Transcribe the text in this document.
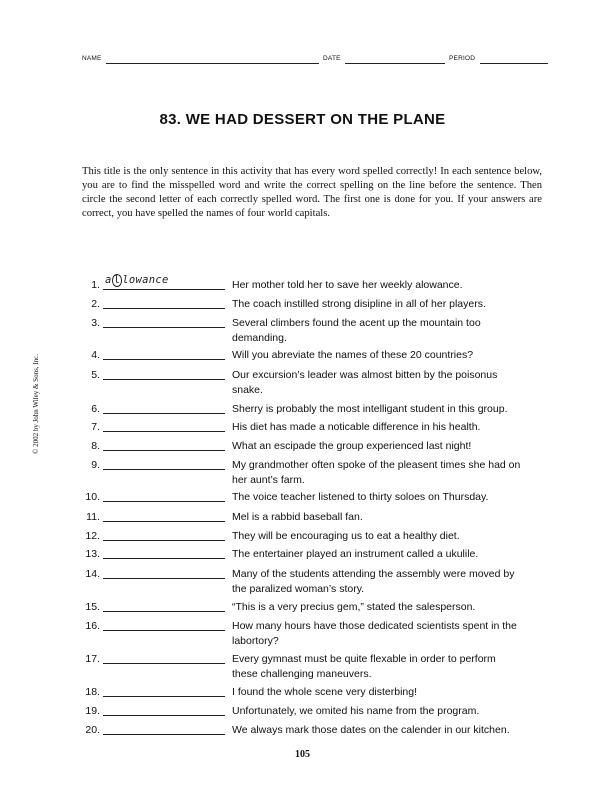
NAME	DATE	PERIOD
83. WE HAD DESSERT ON THE PLANE

This title is the only sentence in this activity that has every word spelled correctly! In each sentence below, you are to find the misspelled word and write the correct spelling on the line before the sentence. Then circle the second letter of each correctly spelled word. The first one is done for you. If your answers are correct, you have spelled the names of four world capitals.

© 2002 by John Wiley & Sons, Inc.
1. a l lowance	Her mother told her to save her weekly alowance.
2.	The coach instilled strong disipline in all of her players.
3.	Several climbers found the acent up the mountain too demanding.
4.	Will you abreviate the names of these 20 countries?
5.	Our excursion’s leader was almost bitten by the poisonus snake.
6.	Sherry is probably the most intelligant student in this group.
7.	His diet has made a noticable difference in his health.
8.	What an escipade the group experienced last night!
9.	My grandmother often spoke of the pleasent times she had on her aunt’s farm.
10.	The voice teacher listened to thirty soloes on Thursday.
11.	Mel is a rabbid baseball fan.
12.	They will be encouraging us to eat a healthy diet.
13.	The entertainer played an instrument called a ukulile.
14.	Many of the students attending the assembly were moved by the paralized woman’s story.
15.	“This is a very precius gem,” stated the salesperson.
16.	How many hours have those dedicated scientists spent in the labortory?
17.	Every gymnast must be quite flexable in order to perform these challenging maneuvers.
18.	I found the whole scene very disterbing!
19.	Unfortunately, we omited his name from the program.
20.	We always mark those dates on the calender in our kitchen.
105
